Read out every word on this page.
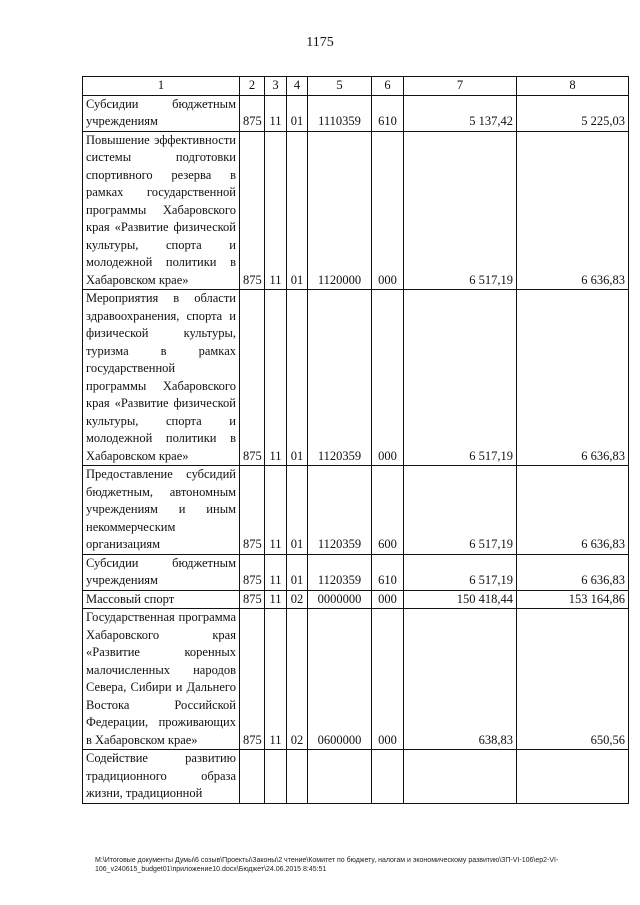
1175
1	2	3	4	5	6	7	8
Субсидии бюджетным учреждениям	875	11	01	1110359	610	5 137,42	5 225,03
Повышение эффективности системы подготовки спортивного резерва в рамках государственной программы Хабаровского края «Развитие физической культуры, спорта и молодежной политики в Хабаровском крае»	875	11	01	1120000	000	6 517,19	6 636,83
Мероприятия в области здравоохранения, спорта и физической культуры, туризма в рамках государственной программы Хабаровского края «Развитие физической культуры, спорта и молодежной политики в Хабаровском крае»	875	11	01	1120359	000	6 517,19	6 636,83
Предоставление субсидий бюджетным, автономным учреждениям и иным некоммерческим организациям	875	11	01	1120359	600	6 517,19	6 636,83
Субсидии бюджетным учреждениям	875	11	01	1120359	610	6 517,19	6 636,83
Массовый спорт	875	11	02	0000000	000	150 418,44	153 164,86
Государственная программа Хабаровского края «Развитие коренных малочисленных народов Севера, Сибири и Дальнего Востока Российской Федерации, проживающих в Хабаровском крае»	875	11	02	0600000	000	638,83	650,56
Содействие развитию традиционного образа жизни, традиционной							
M:\Итоговые документы Думы\6 созыв\Проекты\Законы\2 чтение\Комитет по бюджету, налогам и экономическому развитию\ЗП-VI-106\ep2-VI-106_v240615_budget01\приложение10.docx\Бюджет\24.06.2015 8:45:51
